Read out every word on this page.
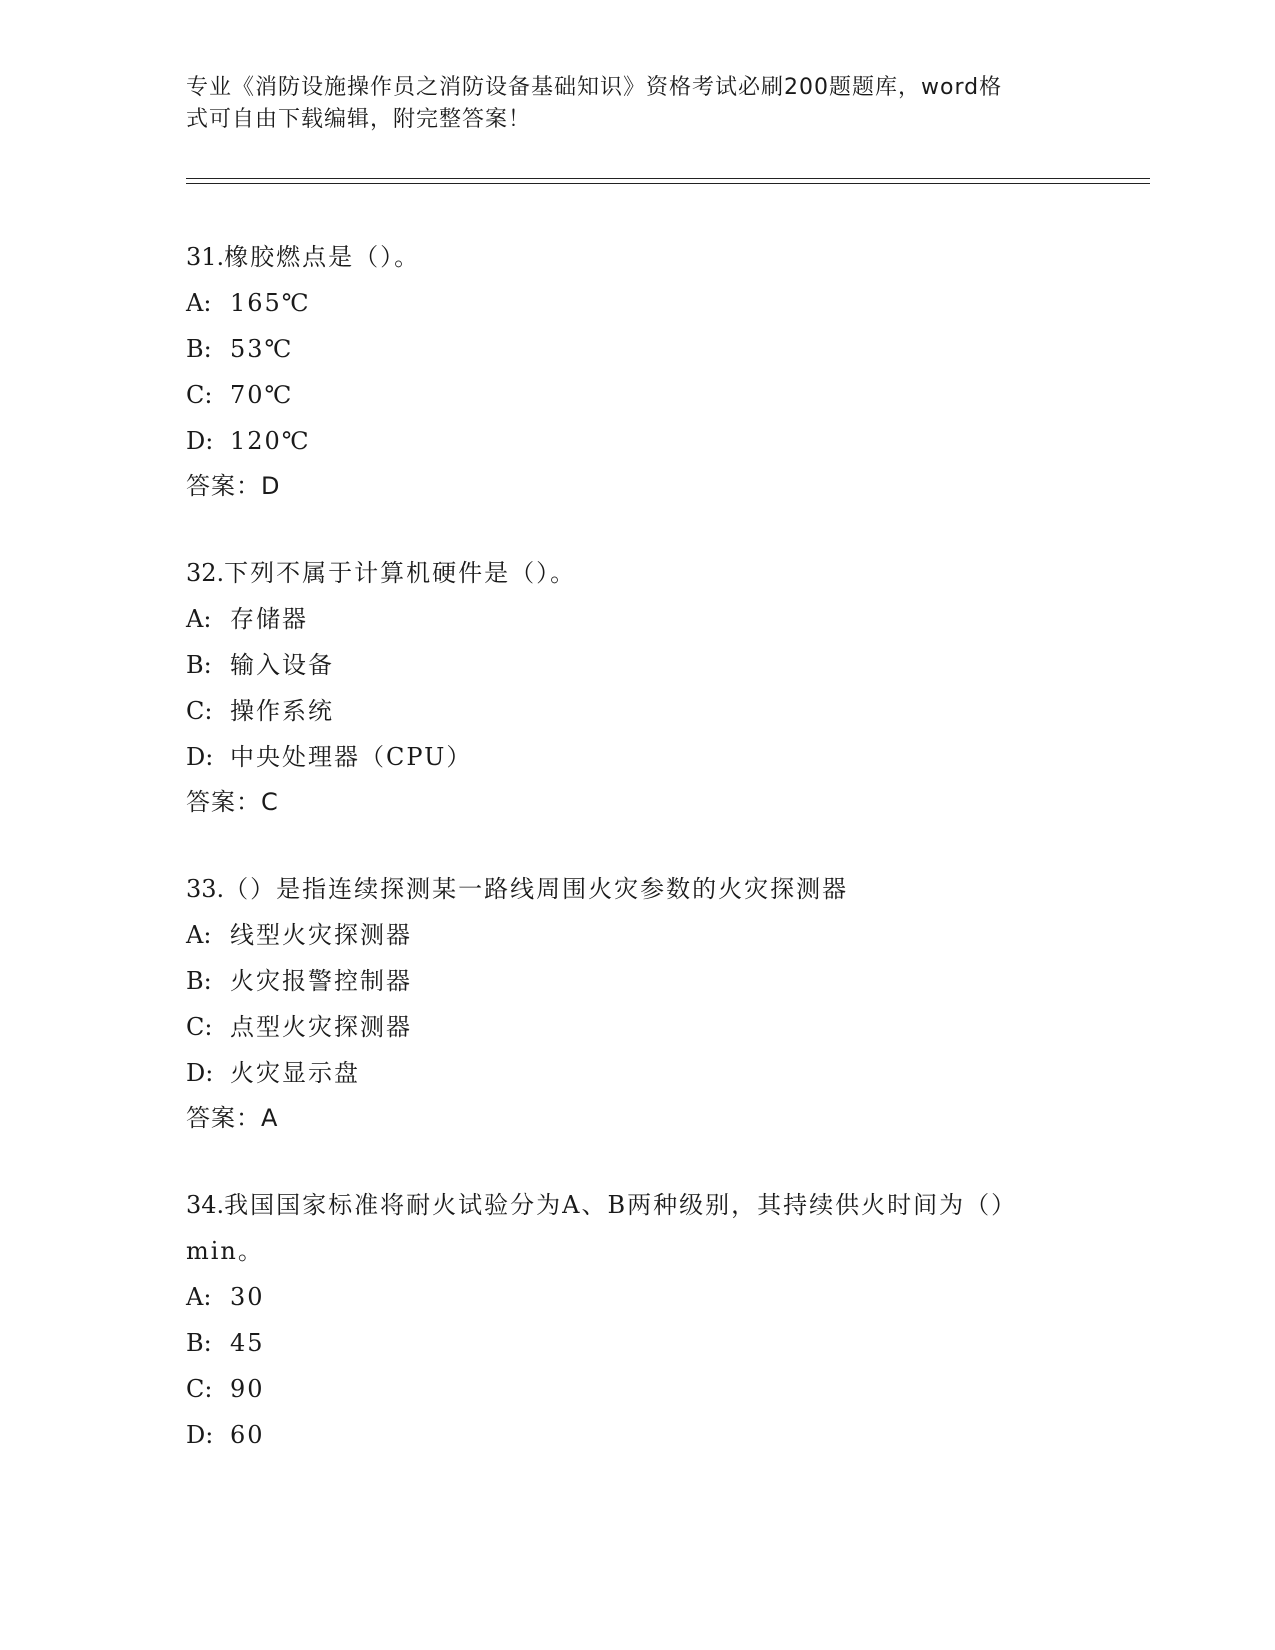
专业《消防设施操作员之消防设备基础知识》资格考试必刷200题题库，word格
式可自由下载编辑，附完整答案！

31.橡胶燃点是（）。

A: 165℃

B: 53℃

C: 70℃

D: 120℃

答案：D

32.下列不属于计算机硬件是（）。

A: 存储器

B: 输入设备

C: 操作系统

D: 中央处理器（CPU）

答案：C

33.（）是指连续探测某一路线周围火灾参数的火灾探测器

A: 线型火灾探测器

B: 火灾报警控制器

C: 点型火灾探测器

D: 火灾显示盘

答案：A

34.我国国家标准将耐火试验分为A、B两种级别，其持续供火时间为（）min。

A: 30

B: 45

C: 90

D: 60
